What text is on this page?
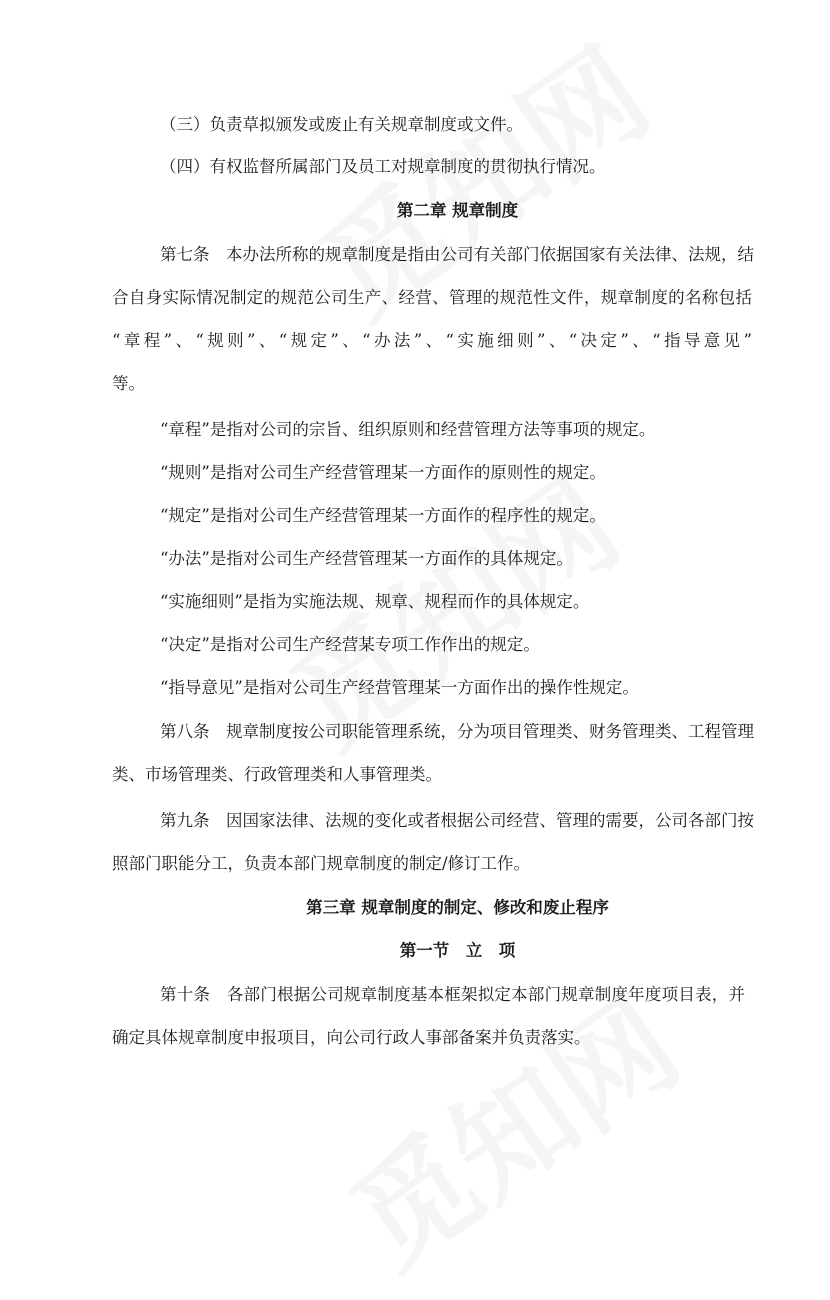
（三）负责草拟颁发或废止有关规章制度或文件。
（四）有权监督所属部门及员工对规章制度的贯彻执行情况。
第二章 规章制度
第七条　本办法所称的规章制度是指由公司有关部门依据国家有关法律、法规，结
合自身实际情况制定的规范公司生产、经营、管理的规范性文件，规章制度的名称包括
“章程”、“规则”、“规定”、“办法”、“实施细则”、“决定”、“指导意见”
等。
“章程”是指对公司的宗旨、组织原则和经营管理方法等事项的规定。
“规则”是指对公司生产经营管理某一方面作的原则性的规定。
“规定”是指对公司生产经营管理某一方面作的程序性的规定。
“办法”是指对公司生产经营管理某一方面作的具体规定。
“实施细则”是指为实施法规、规章、规程而作的具体规定。
“决定”是指对公司生产经营某专项工作作出的规定。
“指导意见”是指对公司生产经营管理某一方面作出的操作性规定。
第八条　规章制度按公司职能管理系统，分为项目管理类、财务管理类、工程管理
类、市场管理类、行政管理类和人事管理类。
第九条　因国家法律、法规的变化或者根据公司经营、管理的需要，公司各部门按
照部门职能分工，负责本部门规章制度的制定/修订工作。
第三章 规章制度的制定、修改和废止程序
第一节　立　项
第十条　各部门根据公司规章制度基本框架拟定本部门规章制度年度项目表，并
确定具体规章制度申报项目，向公司行政人事部备案并负责落实。
